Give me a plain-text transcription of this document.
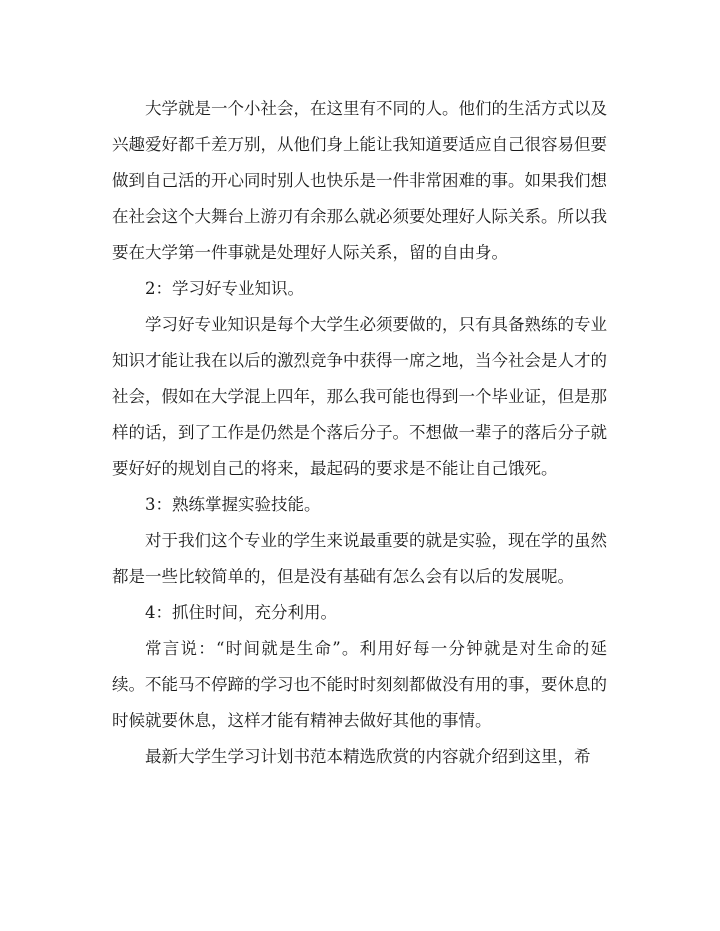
大学就是一个小社会，在这里有不同的人。他们的生活方式以及兴趣爱好都千差万别，从他们身上能让我知道要适应自己很容易但要做到自己活的开心同时别人也快乐是一件非常困难的事。如果我们想在社会这个大舞台上游刃有余那么就必须要处理好人际关系。所以我要在大学第一件事就是处理好人际关系，留的自由身。

2：学习好专业知识。

学习好专业知识是每个大学生必须要做的，只有具备熟练的专业知识才能让我在以后的激烈竞争中获得一席之地，当今社会是人才的社会，假如在大学混上四年，那么我可能也得到一个毕业证，但是那样的话，到了工作是仍然是个落后分子。不想做一辈子的落后分子就要好好的规划自己的将来，最起码的要求是不能让自己饿死。

3：熟练掌握实验技能。

对于我们这个专业的学生来说最重要的就是实验，现在学的虽然都是一些比较简单的，但是没有基础有怎么会有以后的发展呢。

4：抓住时间，充分利用。

常言说：“时间就是生命”。利用好每一分钟就是对生命的延续。不能马不停蹄的学习也不能时时刻刻都做没有用的事，要休息的时候就要休息，这样才能有精神去做好其他的事情。

最新大学生学习计划书范本精选欣赏的内容就介绍到这里，希
